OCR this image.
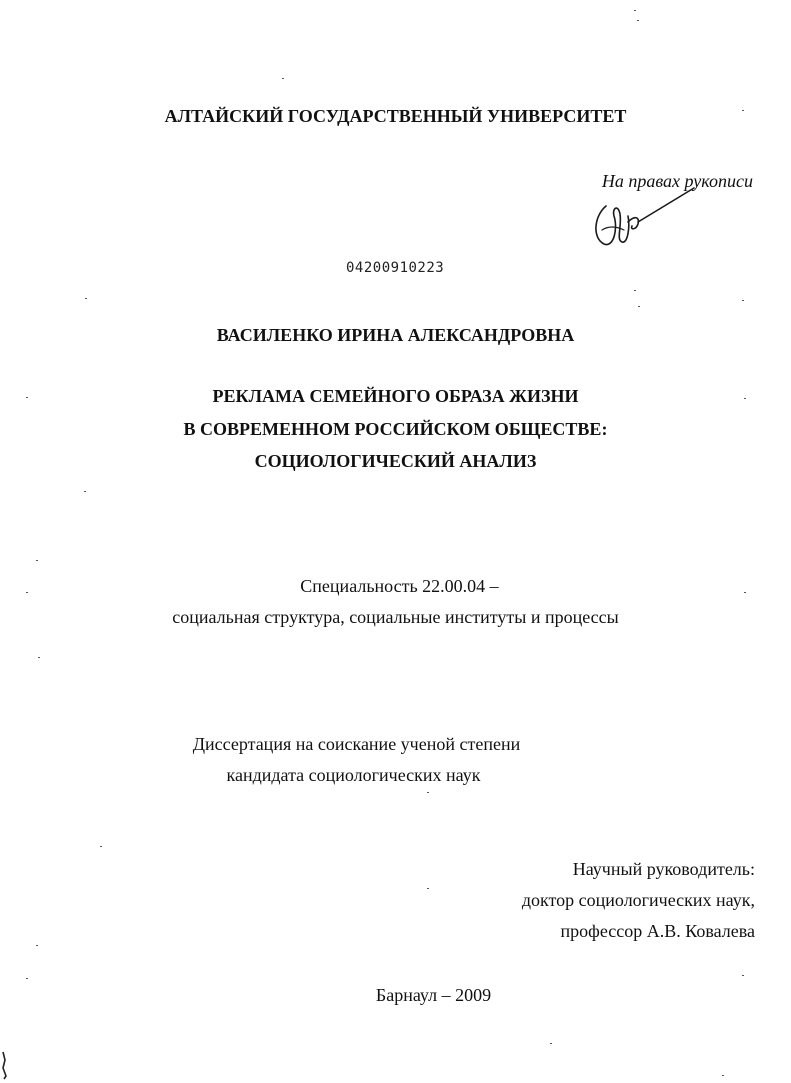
АЛТАЙСКИЙ ГОСУДАРСТВЕННЫЙ УНИВЕРСИТЕТ
На правах рукописи
04200910223
ВАСИЛЕНКО ИРИНА АЛЕКСАНДРОВНА
РЕКЛАМА СЕМЕЙНОГО ОБРАЗА ЖИЗНИ
В СОВРЕМЕННОМ РОССИЙСКОМ ОБЩЕСТВЕ:
СОЦИОЛОГИЧЕСКИЙ АНАЛИЗ
Специальность 22.00.04 –
социальная структура, социальные институты и процессы
Диссертация на соискание ученой степени
кандидата социологических наук
Научный руководитель:
доктор социологических наук,
профессор А.В. Ковалева
Барнаул – 2009
